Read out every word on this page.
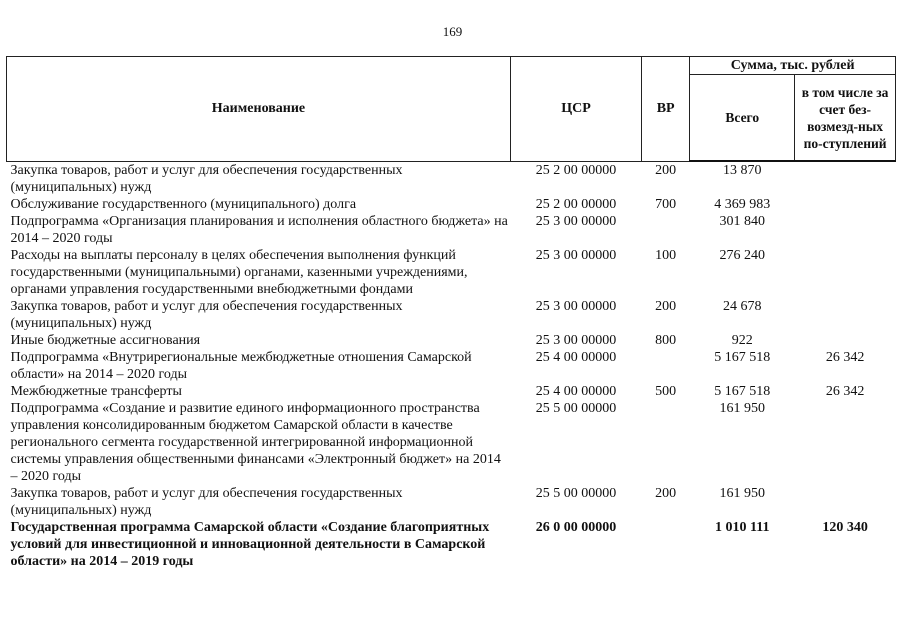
169
Наименование	ЦСР	ВР	Сумма, тыс. рублей	
			Всего	в том числе за счет без-возмезд-ных по-ступлений
Закупка товаров, работ и услуг для обеспечения государственных (муниципальных) нужд	25 2 00 00000	200	13 870	
Обслуживание государственного (муниципального) долга	25 2 00 00000	700	4 369 983	
Подпрограмма «Организация планирования и исполнения областного бюджета» на 2014 – 2020 годы	25 3 00 00000		301 840	
Расходы на выплаты персоналу в целях обеспечения выполнения функций государственными (муниципальными) органами, казенными учреждениями, органами управления государственными внебюджетными фондами	25 3 00 00000	100	276 240	
Закупка товаров, работ и услуг для обеспечения государственных (муниципальных) нужд	25 3 00 00000	200	24 678	
Иные бюджетные ассигнования	25 3 00 00000	800	922	
Подпрограмма «Внутрирегиональные межбюджетные отношения Самарской области» на 2014 – 2020 годы	25 4 00 00000		5 167 518	26 342
Межбюджетные трансферты	25 4 00 00000	500	5 167 518	26 342
Подпрограмма «Создание и развитие единого информационного пространства управления консолидированным бюджетом Самарской области в качестве регионального сегмента государственной интегрированной информационной системы управления общественными финансами «Электронный бюджет» на 2014 – 2020 годы	25 5 00 00000		161 950	
Закупка товаров, работ и услуг для обеспечения государственных (муниципальных) нужд	25 5 00 00000	200	161 950	
Государственная программа Самарской области «Создание благоприятных условий для инвестиционной и инновационной деятельности в Самарской области» на 2014 – 2019 годы	26 0 00 00000		1 010 111	120 340
